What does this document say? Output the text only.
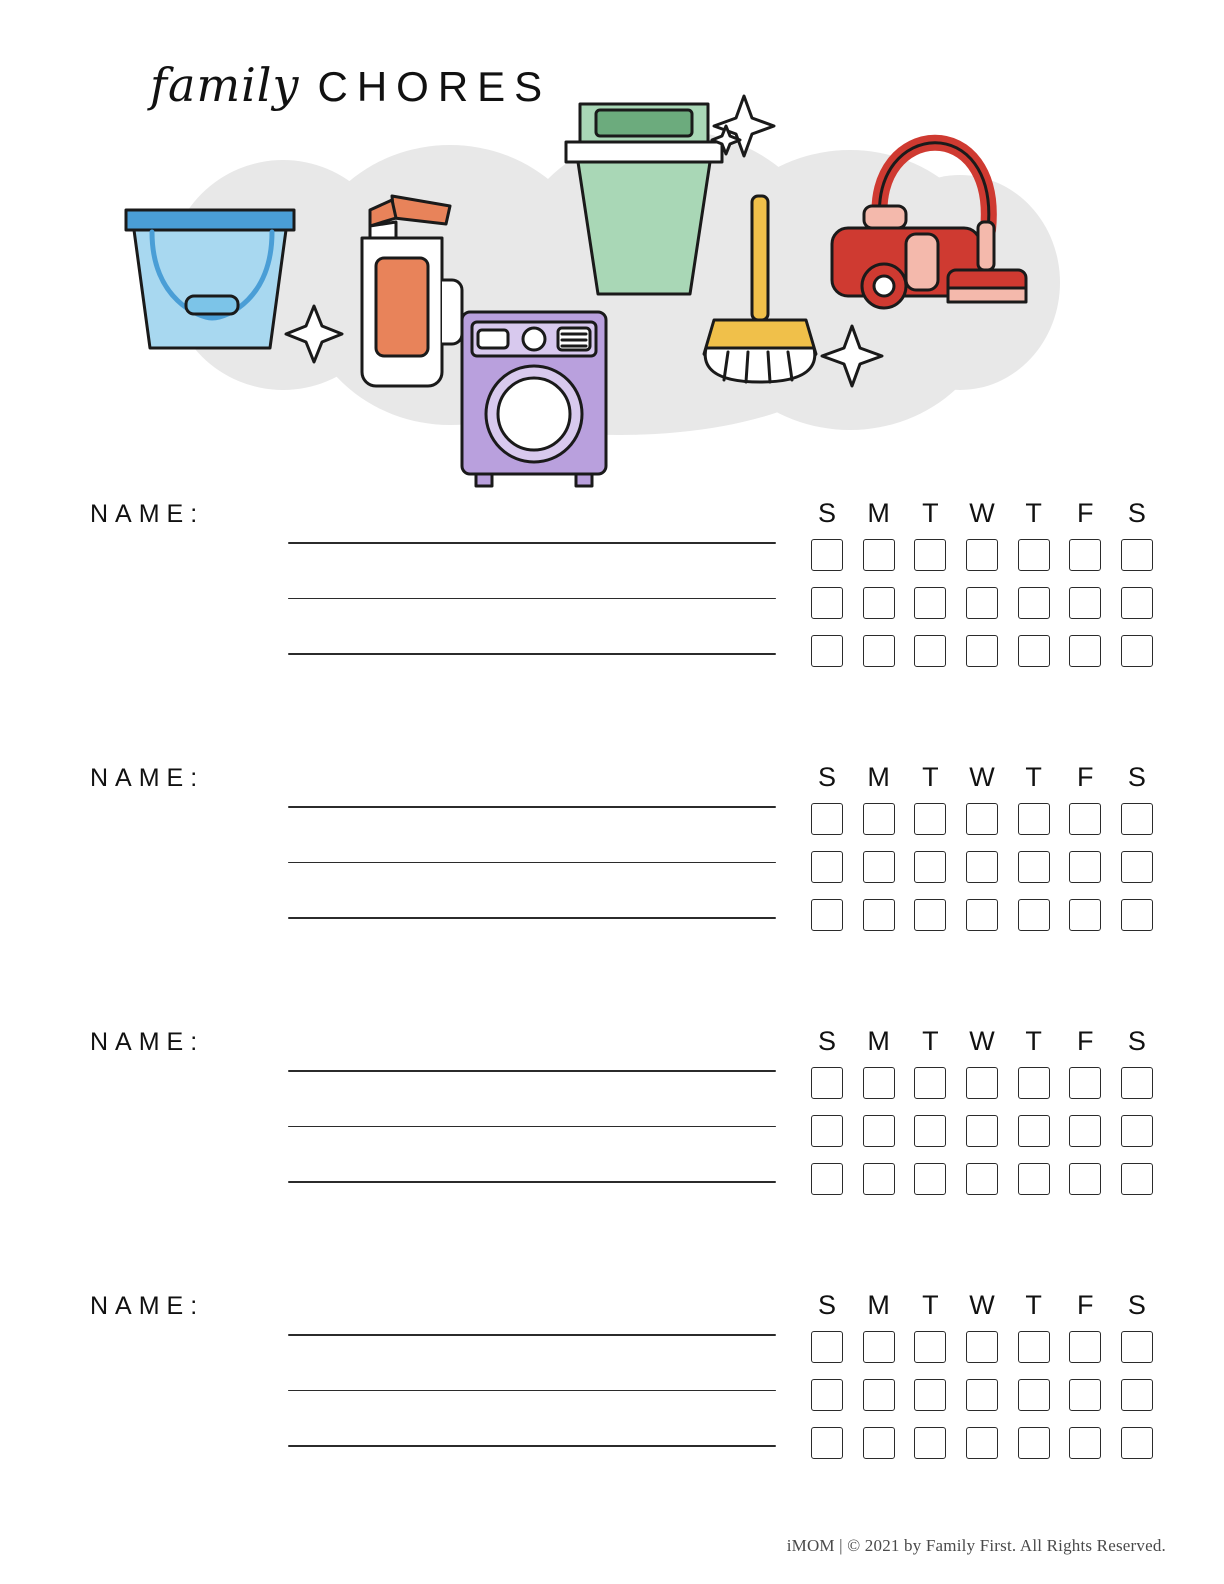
family CHORES
NAME:	S	M	T	W	T	F	S
NAME:	S	M	T	W	T	F	S
NAME:	S	M	T	W	T	F	S
NAME:	S	M	T	W	T	F	S
iMOM | © 2021 by Family First. All Rights Reserved.
